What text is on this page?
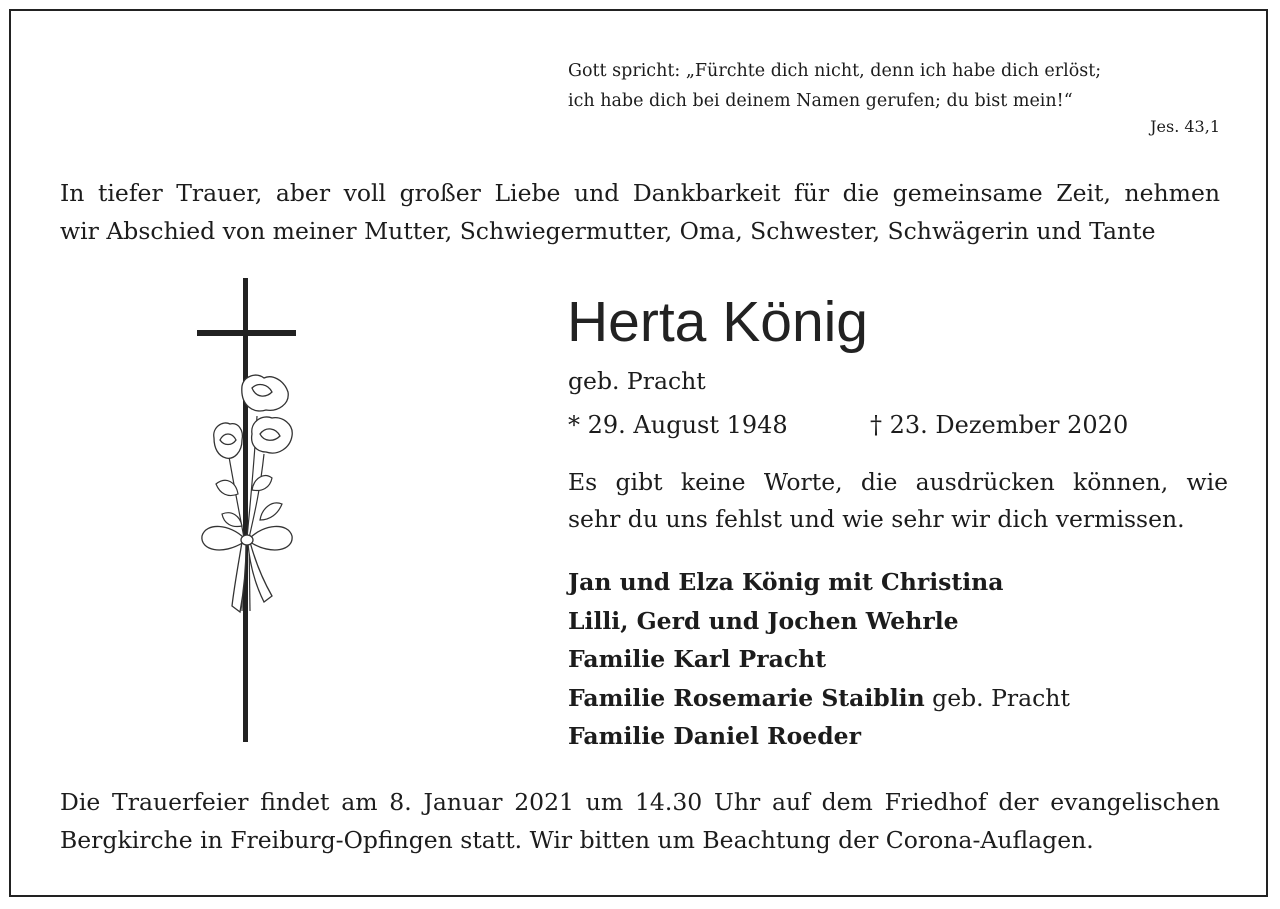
Gott spricht: „Fürchte dich nicht, denn ich habe dich erlöst;
ich habe dich bei deinem Namen gerufen; du bist mein!“
Jes. 43,1
In tiefer Trauer, aber voll großer Liebe und Dankbarkeit für die gemeinsame Zeit, nehmen
wir Abschied von meiner Mutter, Schwiegermutter, Oma, Schwester, Schwägerin und Tante
Herta König
geb. Pracht
* 29. August 1948	† 23. Dezember 2020
Es gibt keine Worte, die ausdrücken können, wie
sehr du uns fehlst und wie sehr wir dich vermissen.
Jan und Elza König mit Christina
Lilli, Gerd und Jochen Wehrle
Familie Karl Pracht
Familie Rosemarie Staiblin geb. Pracht
Familie Daniel Roeder
Die Trauerfeier findet am 8. Januar 2021 um 14.30 Uhr auf dem Friedhof der evangelischen
Bergkirche in Freiburg-Opfingen statt. Wir bitten um Beachtung der Corona-Auflagen.
